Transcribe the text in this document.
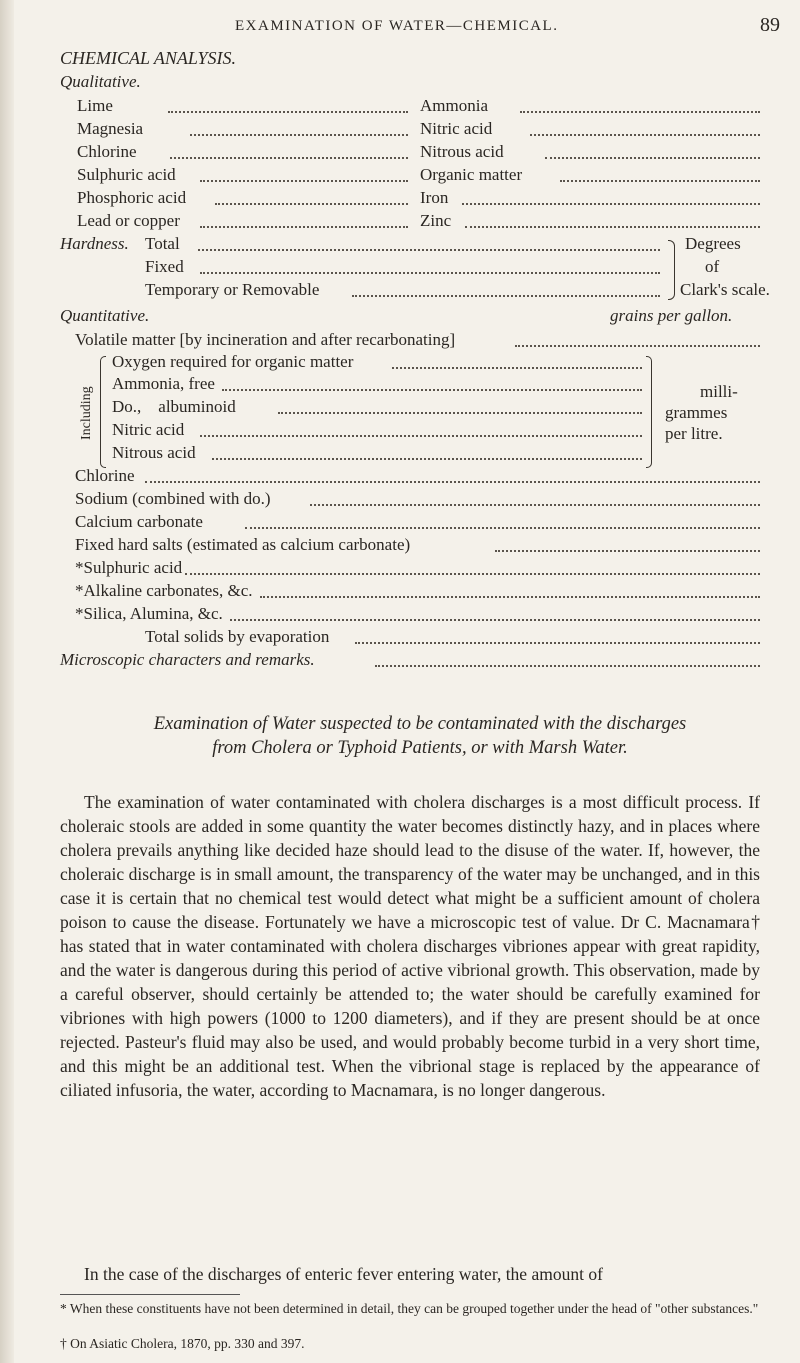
EXAMINATION OF WATER—CHEMICAL.	89
CHEMICAL ANALYSIS.
Qualitative.
Lime
Magnesia
Chlorine
Sulphuric acid
Phosphoric acid
Lead or copper
Ammonia
Nitric acid
Nitrous acid
Organic matter
Iron
Zinc
Hardness. Total
Fixed
Temporary or Removable
Degrees
of
Clark's scale.
Quantitative.	grains per gallon.
Volatile matter [by incineration and after recarbonating]
Including
Oxygen required for organic matter
Ammonia, free
Do.,    albuminoid
Nitric acid
Nitrous acid
milli-
grammes
per litre.
Chlorine
Sodium (combined with do.)
Calcium carbonate
Fixed hard salts (estimated as calcium carbonate)
*Sulphuric acid
*Alkaline carbonates, &c.
*Silica, Alumina, &c.
Total solids by evaporation
Microscopic characters and remarks.
Examination of Water suspected to be contaminated with the discharges
from Cholera or Typhoid Patients, or with Marsh Water.
The examination of water contaminated with cholera discharges is a most difficult process. If choleraic stools are added in some quantity the water becomes distinctly hazy, and in places where cholera prevails anything like decided haze should lead to the disuse of the water. If, however, the choleraic discharge is in small amount, the transparency of the water may be unchanged, and in this case it is certain that no chemical test would detect what might be a sufficient amount of cholera poison to cause the disease. Fortunately we have a microscopic test of value. Dr C. Macnamara† has stated that in water contaminated with cholera discharges vibriones appear with great rapidity, and the water is dangerous during this period of active vibrional growth. This observation, made by a careful observer, should certainly be attended to; the water should be carefully examined for vibriones with high powers (1000 to 1200 diameters), and if they are present should be at once rejected. Pasteur's fluid may also be used, and would probably become turbid in a very short time, and this might be an additional test. When the vibrional stage is replaced by the appearance of ciliated infusoria, the water, according to Macnamara, is no longer dangerous.
In the case of the discharges of enteric fever entering water, the amount of
* When these constituents have not been determined in detail, they can be grouped together under the head of "other substances."
† On Asiatic Cholera, 1870, pp. 330 and 397.
